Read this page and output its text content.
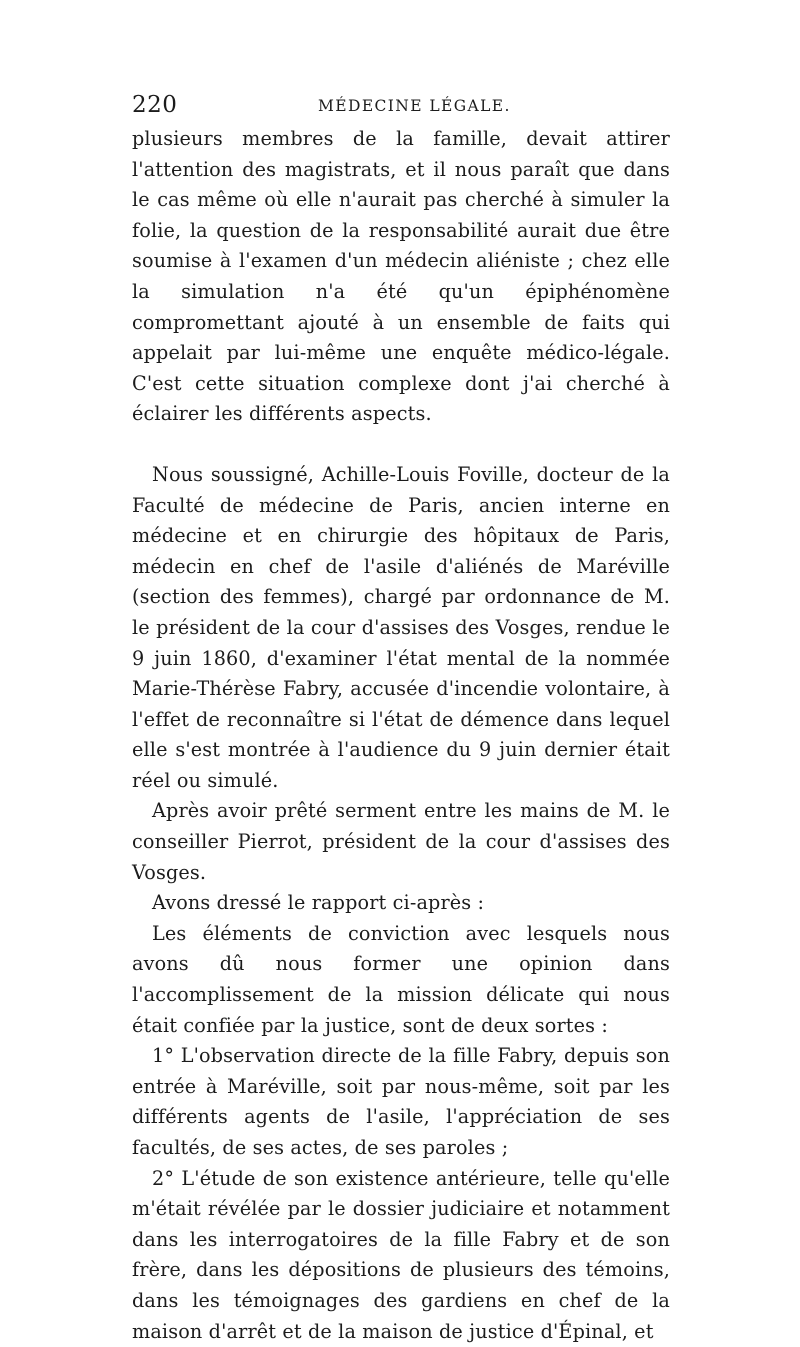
220	MÉDECINE LÉGALE.

plusieurs membres de la famille, devait attirer l'attention des magistrats, et il nous paraît que dans le cas même où elle n'aurait pas cherché à simuler la folie, la question de la responsabilité aurait due être soumise à l'examen d'un médecin aliéniste ; chez elle la simulation n'a été qu'un épiphénomène compromettant ajouté à un ensemble de faits qui appelait par lui-même une enquête médico-légale. C'est cette situation complexe dont j'ai cherché à éclairer les différents aspects.

Nous soussigné, Achille-Louis Foville, docteur de la Faculté de médecine de Paris, ancien interne en médecine et en chirurgie des hôpitaux de Paris, médecin en chef de l'asile d'aliénés de Maréville (section des femmes), chargé par ordonnance de M. le président de la cour d'assises des Vosges, rendue le 9 juin 1860, d'examiner l'état mental de la nommée Marie-Thérèse Fabry, accusée d'incendie volontaire, à l'effet de reconnaître si l'état de démence dans lequel elle s'est montrée à l'audience du 9 juin dernier était réel ou simulé.

Après avoir prêté serment entre les mains de M. le conseiller Pierrot, président de la cour d'assises des Vosges.

Avons dressé le rapport ci-après :

Les éléments de conviction avec lesquels nous avons dû nous former une opinion dans l'accomplissement de la mission délicate qui nous était confiée par la justice, sont de deux sortes :

1° L'observation directe de la fille Fabry, depuis son entrée à Maréville, soit par nous-même, soit par les différents agents de l'asile, l'appréciation de ses facultés, de ses actes, de ses paroles ;

2° L'étude de son existence antérieure, telle qu'elle m'était révélée par le dossier judiciaire et notamment dans les interrogatoires de la fille Fabry et de son frère, dans les dépositions de plusieurs des témoins, dans les témoignages des gardiens en chef de la maison d'arrêt et de la maison de justice d'Épinal, et
